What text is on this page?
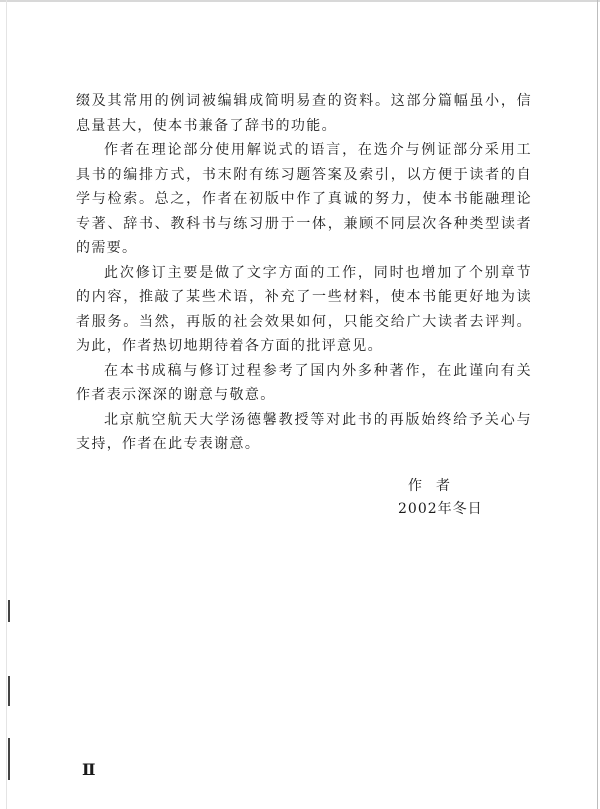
缀及其常用的例词被编辑成简明易查的资料。这部分篇幅虽小，信息量甚大，使本书兼备了辞书的功能。

作者在理论部分使用解说式的语言，在选介与例证部分采用工具书的编排方式，书末附有练习题答案及索引，以方便于读者的自学与检索。总之，作者在初版中作了真诚的努力，使本书能融理论专著、辞书、教科书与练习册于一体，兼顾不同层次各种类型读者的需要。

此次修订主要是做了文字方面的工作，同时也增加了个别章节的内容，推敲了某些术语，补充了一些材料，使本书能更好地为读者服务。当然，再版的社会效果如何，只能交给广大读者去评判。为此，作者热切地期待着各方面的批评意见。

在本书成稿与修订过程参考了国内外多种著作，在此谨向有关作者表示深深的谢意与敬意。

北京航空航天大学汤德馨教授等对此书的再版始终给予关心与支持，作者在此专表谢意。

作者
2002年冬日
Ⅱ
